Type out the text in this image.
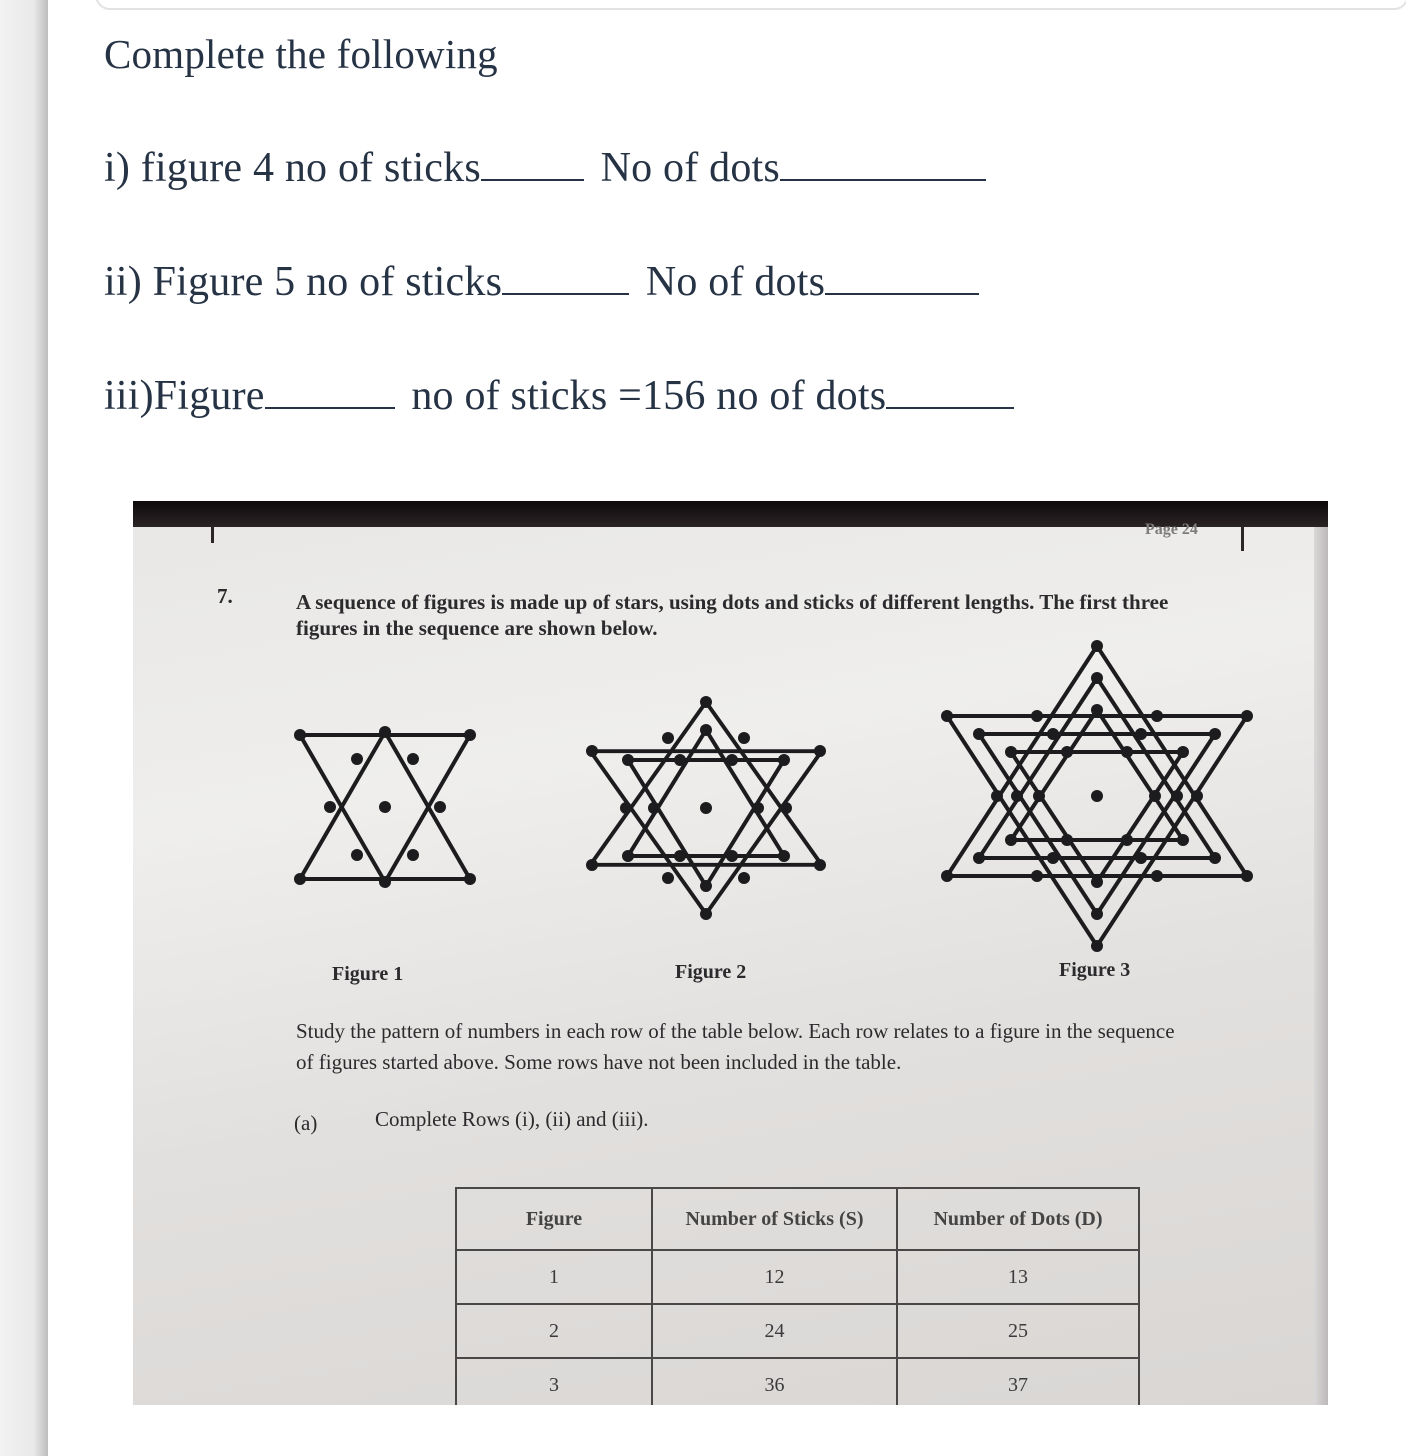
Complete the following
i) figure 4 no of sticks	No of dots
ii) Figure 5 no of sticks	No of dots
iii)Figure	no of sticks =156 no of dots
Page 24
7.	A sequence of figures is made up of stars, using dots and sticks of different lengths. The first three
figures in the sequence are shown below.
Figure 1	Figure 2	Figure 3
Study the pattern of numbers in each row of the table below. Each row relates to a figure in the sequence
of figures started above. Some rows have not been included in the table.
(a)	Complete Rows (i), (ii) and (iii).
Figure	Number of Sticks (S)	Number of Dots (D)
1	12	13
2	24	25
3	36	37
